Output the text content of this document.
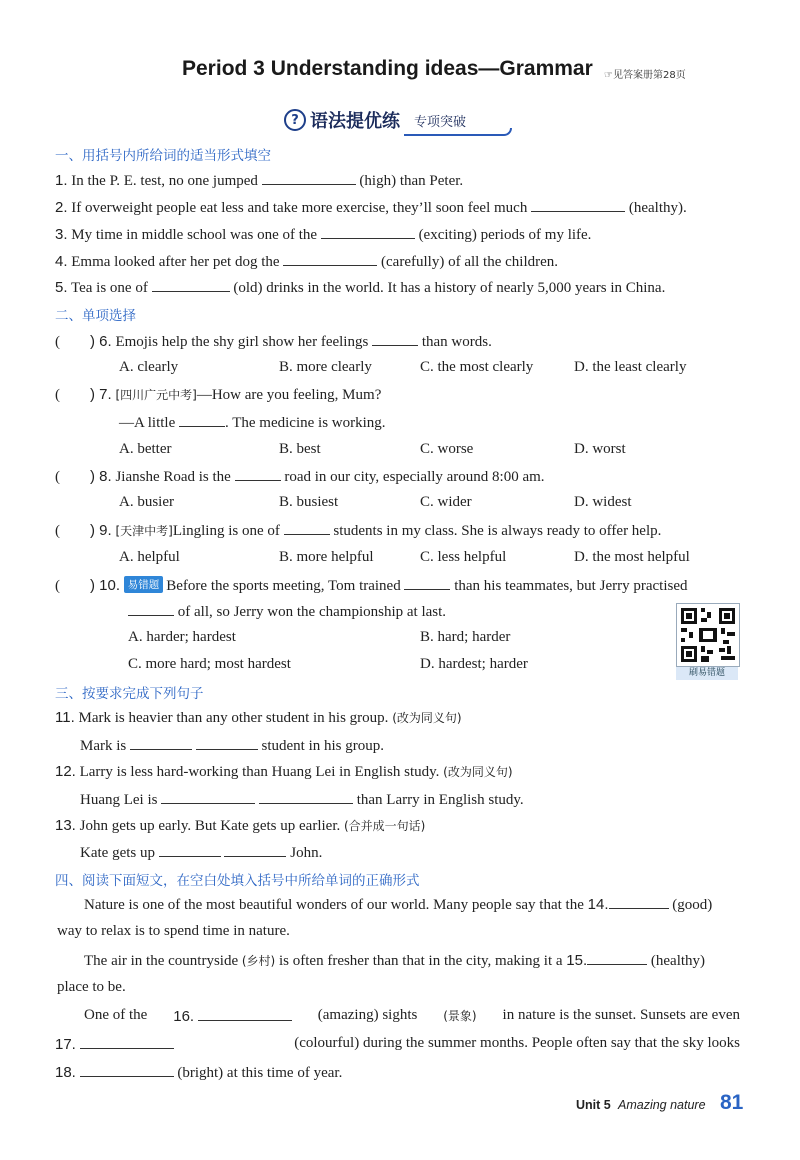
Period 3 Understanding ideas—Grammar ☞见答案册第28页
? 语法提优练 专项突破
一、用括号内所给词的适当形式填空
1. In the P. E. test, no one jumped	(high) than Peter.
2. If overweight people eat less and take more exercise, they’ll soon feel much	(healthy).
3. My time in middle school was one of the	(exciting) periods of my life.
4. Emma looked after her pet dog the	(carefully) of all the children.
5. Tea is one of	(old) drinks in the world. It has a history of nearly 5,000 years in China.
二、单项选择
( ) 6. Emojis help the shy girl show her feelings	than words.
A. clearly	B. more clearly	C. the most clearly	D. the least clearly
( ) 7. [四川广元中考]—How are you feeling, Mum?
—A little	. The medicine is working.
A. better	B. best	C. worse	D. worst
( ) 8. Jianshe Road is the	road in our city, especially around 8:00 am.
A. busier	B. busiest	C. wider	D. widest
( ) 9. [天津中考]Lingling is one of	students in my class. She is always ready to offer help.
A. helpful	B. more helpful	C. less helpful	D. the most helpful
( ) 10. 易错题 Before the sports meeting, Tom trained	than his teammates, but Jerry practised
of all, so Jerry won the championship at last.
A. harder; hardest	B. hard; harder
C. more hard; most hardest	D. hardest; harder
刷易错题
三、按要求完成下列句子
11. Mark is heavier than any other student in his group. (改为同义句)
Mark is	student in his group.
12. Larry is less hard-working than Huang Lei in English study. (改为同义句)
Huang Lei is	than Larry in English study.
13. John gets up early. But Kate gets up earlier. (合并成一句话)
Kate gets up	John.
四、阅读下面短文，在空白处填入括号中所给单词的正确形式
Nature is one of the most beautiful wonders of our world. Many people say that the 14.	(good)
way to relax is to spend time in nature.
The air in the countryside (乡村) is often fresher than that in the city, making it a 15.	(healthy)
place to be.
One of the 16.	(amazing) sights (景象) in nature is the sunset. Sunsets are even
17.	(colourful) during the summer months. People often say that the sky looks
18.	(bright) at this time of year.
Unit 5 Amazing nature 81
